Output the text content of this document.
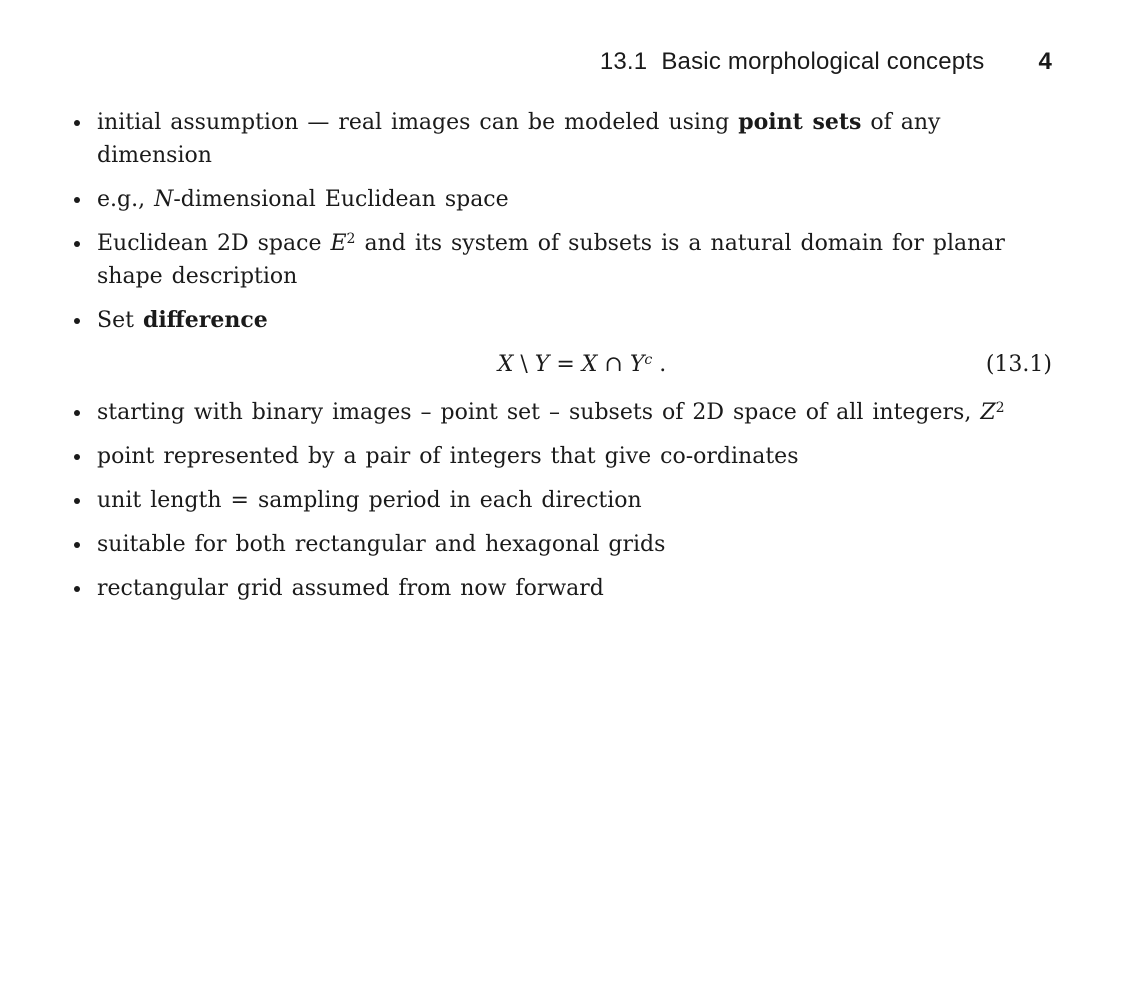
13.1 Basic morphological concepts 4
initial assumption — real images can be modeled using point sets of any
dimension
e.g., N-dimensional Euclidean space
Euclidean 2D space $E^2$ and its system of subsets is a natural domain for planar
shape description
Set difference
X \ Y = X ∩ $Y^c$ .	(13.1)
starting with binary images – point set – subsets of 2D space of all integers, $Z^2$
point represented by a pair of integers that give co-ordinates
unit length = sampling period in each direction
suitable for both rectangular and hexagonal grids
rectangular grid assumed from now forward
